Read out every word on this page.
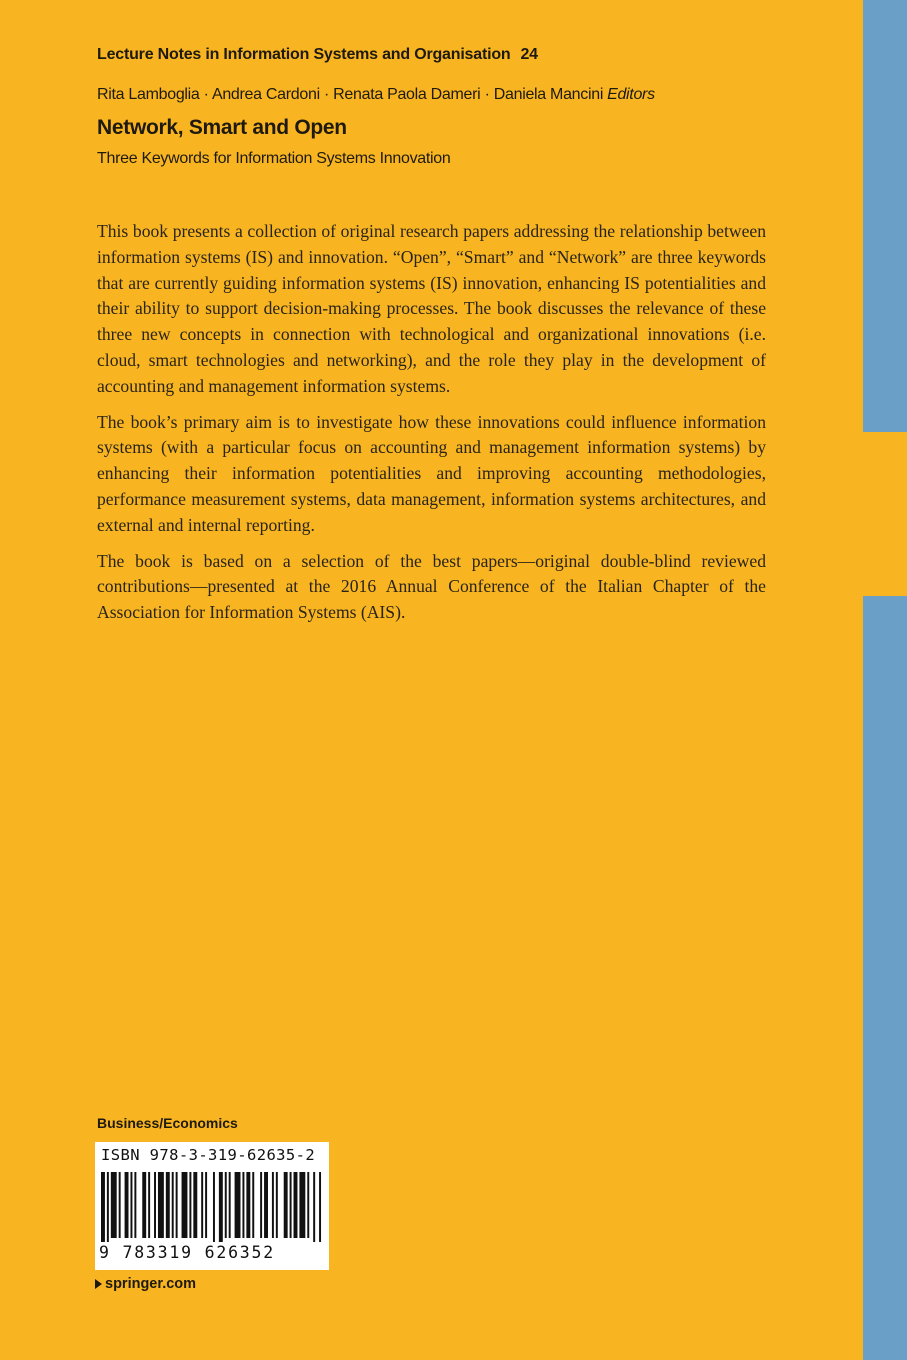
Lecture Notes in Information Systems and Organisation 24
Rita Lamboglia · Andrea Cardoni · Renata Paola Dameri · Daniela Mancini Editors
Network, Smart and Open
Three Keywords for Information Systems Innovation

This book presents a collection of original research papers addressing the relationship between information systems (IS) and innovation. “Open”, “Smart” and “Network” are three keywords that are currently guiding information systems (IS) innovation, enhancing IS potentialities and their ability to support decision-making processes. The book discusses the relevance of these three new concepts in connection with technological and organizational innovations (i.e. cloud, smart technologies and networking), and the role they play in the development of accounting and management information systems.

The book’s primary aim is to investigate how these innovations could influence information systems (with a particular focus on accounting and management information systems) by enhancing their information potentialities and improving accounting methodologies, performance measurement systems, data management, information systems architectures, and external and internal reporting.

The book is based on a selection of the best papers—original double-blind reviewed contributions—presented at the 2016 Annual Conference of the Italian Chapter of the Association for Information Systems (AIS).

Business/Economics
ISBN 978-3-319-62635-2
9 783319 626352
springer.com
